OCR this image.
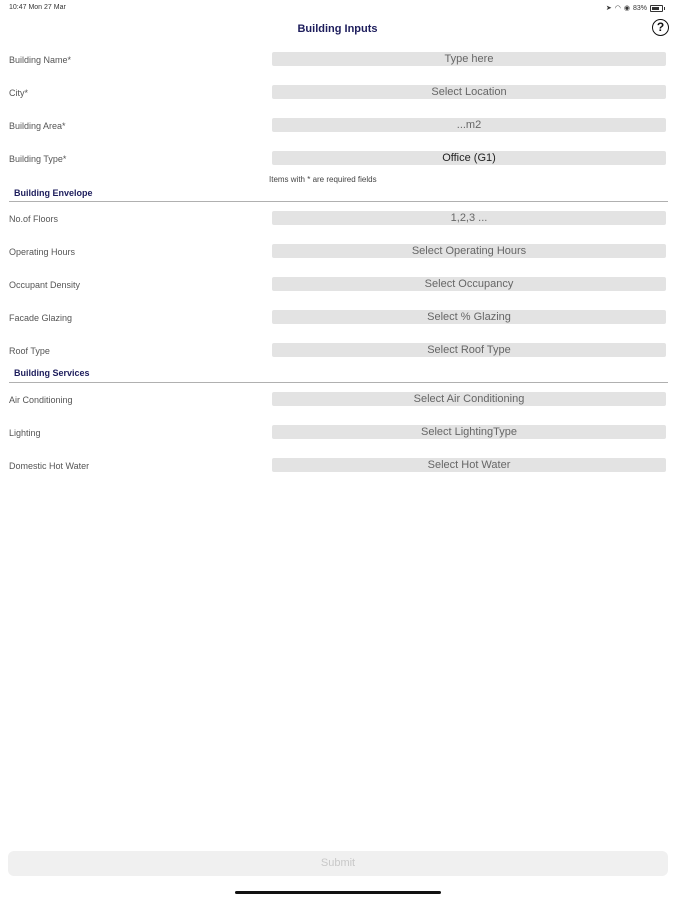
10:47 Mon 27 Mar	➤ ◠ ◉ 83%
Building Inputs	?
Building Name*	Type here
City*	Select Location
Building Area*	...m2
Building Type*	Office (G1)
Items with * are required fields
Building Envelope
No.of Floors	1,2,3 ...
Operating Hours	Select Operating Hours
Occupant Density	Select Occupancy
Facade Glazing	Select % Glazing
Roof Type	Select Roof Type
Building Services
Air Conditioning	Select Air Conditioning
Lighting	Select LightingType
Domestic Hot Water	Select Hot Water
Submit
